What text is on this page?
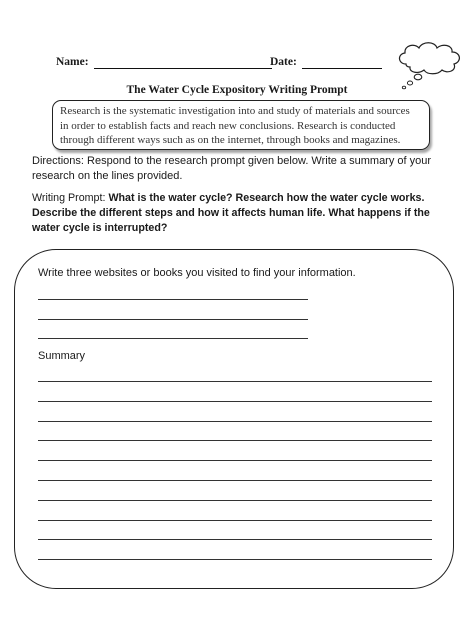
Name:	Date:
The Water Cycle Expository Writing Prompt
Research is the systematic investigation into and study of materials and sources in order to establish facts and reach new conclusions. Research is conducted through different ways such as on the internet, through books and magazines.
Directions: Respond to the research prompt given below. Write a summary of your research on the lines provided.
Writing Prompt: What is the water cycle? Research how the water cycle works. Describe the different steps and how it affects human life. What happens if the water cycle is interrupted?
Write three websites or books you visited to find your information.
Summary
